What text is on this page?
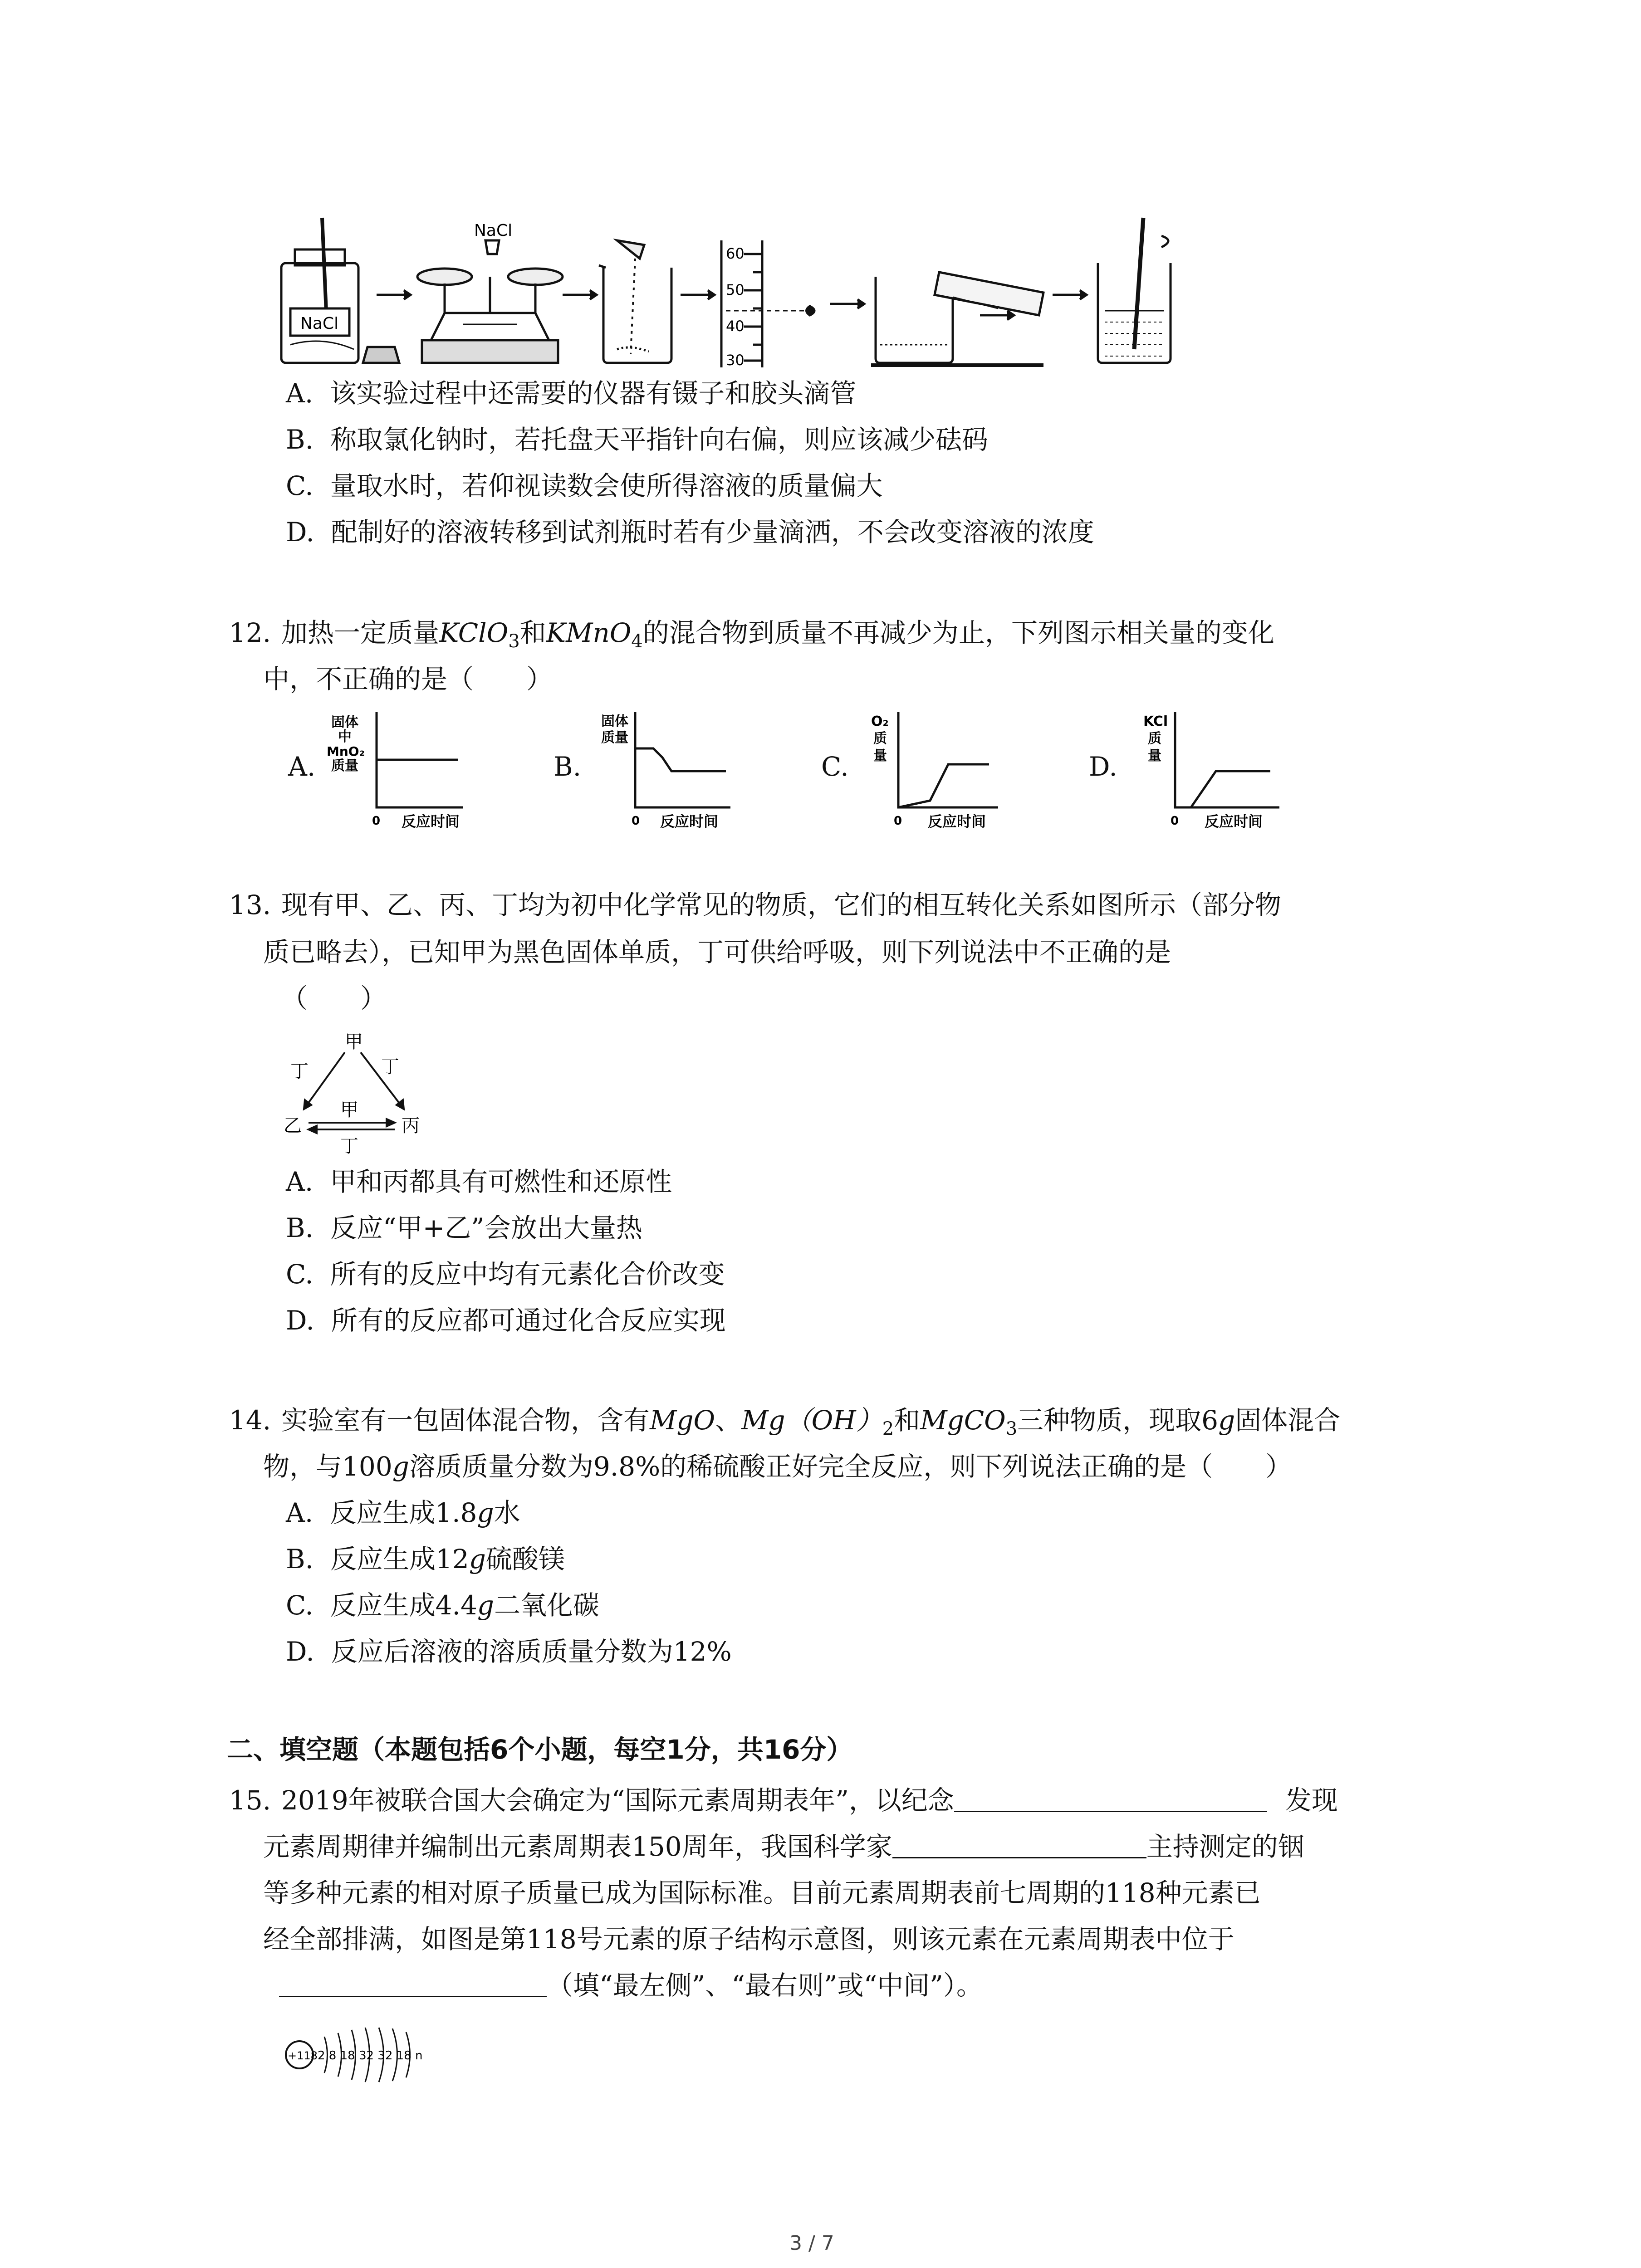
NaCl
NaCl
60
50
40
30
A. 该实验过程中还需要的仪器有镊子和胶头滴管
B. 称取氯化钠时，若托盘天平指针向右偏，则应该减少砝码
C. 量取水时，若仰视读数会使所得溶液的质量偏大
D. 配制好的溶液转移到试剂瓶时若有少量滴洒，不会改变溶液的浓度
12. 加热一定质量KClO$_3$和KMnO$_4$的混合物到质量不再减少为止，下列图示相关量的变化
中，不正确的是（　　）
A.
固体
中
MnO₂
质量
0 反应时间
B.
固体
质量
0 反应时间
C.
O₂
质
量
0 反应时间
D.
KCl
质
量
0 反应时间
13. 现有甲、乙、丙、丁均为初中化学常见的物质，它们的相互转化关系如图所示（部分物
质已略去），已知甲为黑色固体单质，丁可供给呼吸，则下列说法中不正确的是
（　　）
甲
乙	丙
丁	丁
甲
丁
A. 甲和丙都具有可燃性和还原性
B. 反应“甲+乙”会放出大量热
C. 所有的反应中均有元素化合价改变
D. 所有的反应都可通过化合反应实现
14. 实验室有一包固体混合物，含有MgO、$Mg(OH)_2$和MgCO$_3$三种物质，现取6g固体混合
物，与100g溶质质量分数为9.8%的稀硫酸正好完全反应，则下列说法正确的是（　　）
A. 反应生成1.8g水
B. 反应生成12g硫酸镁
C. 反应生成4.4g二氧化碳
D. 反应后溶液的溶质质量分数为12%
二、填空题（本题包括6个小题，每空1分，共16分）
15. 2019年被联合国大会确定为“国际元素周期表年”，以纪念	发现
元素周期律并编制出元素周期表150周年，我国科学家	主持测定的铟
等多种元素的相对原子质量已成为国际标准。目前元素周期表前七周期的118种元素已
经全部排满，如图是第118号元素的原子结构示意图，则该元素在元素周期表中位于
（填“最左侧”、“最右则”或“中间”）。
+118 2 8 18 32 32 18 n
3 / 7
